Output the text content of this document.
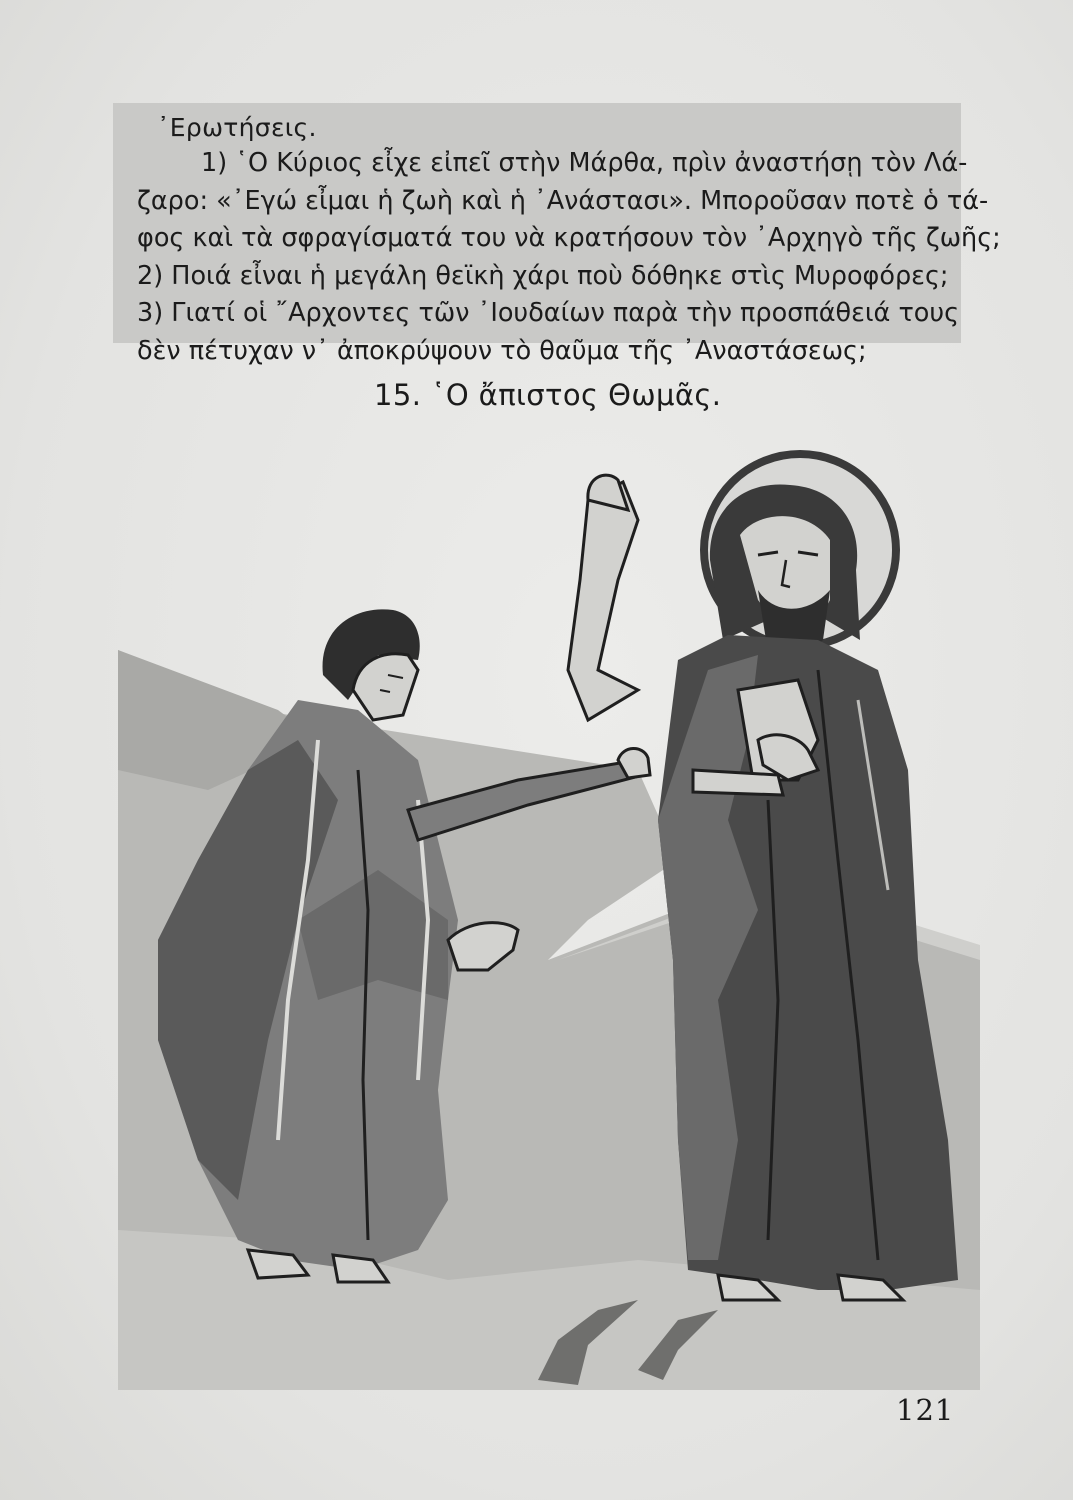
᾿Ερωτήσεις.
1) ῾Ο Κύριος εἶχε εἰπεῖ στὴν Μάρθα, πρὶν ἀναστήσῃ τὸν Λά-
ζαρο: «᾿Εγώ εἶμαι ἡ ζωὴ καὶ ἡ ᾿Ανάστασι». Μποροῦσαν ποτὲ ὁ τά-
φος καὶ τὰ σφραγίσματά του νὰ κρατήσουν τὸν ᾿Αρχηγὸ τῆς ζωῆς;
2) Ποιά εἶναι ἡ μεγάλη θεϊκὴ χάρι ποὺ δόθηκε στὶς Μυροφόρες;
3) Γιατί οἱ ῎Αρχοντες τῶν ᾿Ιουδαίων παρὰ τὴν προσπάθειά τους
δὲν πέτυχαν ν᾿ ἀποκρύψουν τὸ θαῦμα τῆς ᾿Αναστάσεως;
15. ῾Ο ἄπιστος Θωμᾶς.
121
